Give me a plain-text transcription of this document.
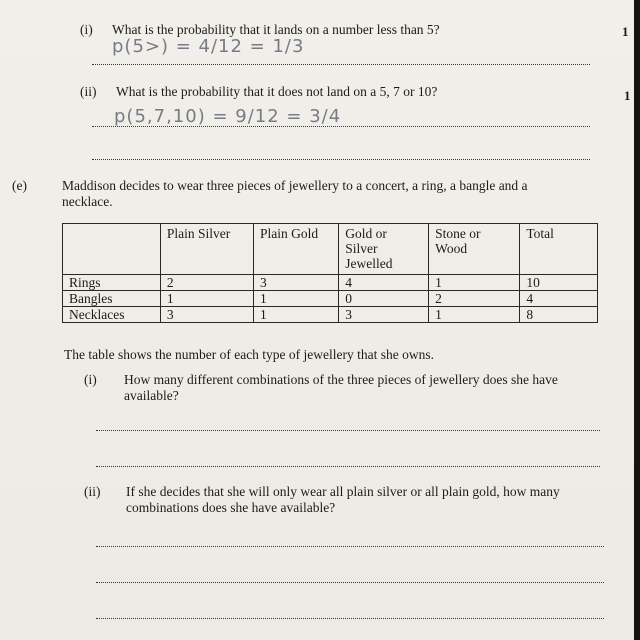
(i) What is the probability that it lands on a number less than 5?	1
p(5>) = 4/12 = 1/3
(ii) What is the probability that it does not land on a 5, 7 or 10?	1
p(5,7,10) = 9/12 = 3/4
(e)	Maddison decides to wear three pieces of jewellery to a concert, a ring, a bangle and a
necklace.
	Plain Silver	Plain Gold	Gold or
Silver
Jewelled	Stone or
Wood	Total
Rings	2	3	4	1	10
Bangles	1	1	0	2	4
Necklaces	3	1	3	1	8
The table shows the number of each type of jewellery that she owns.
(i) How many different combinations of the three pieces of jewellery does she have
available?
(ii) If she decides that she will only wear all plain silver or all plain gold, how many
combinations does she have available?
